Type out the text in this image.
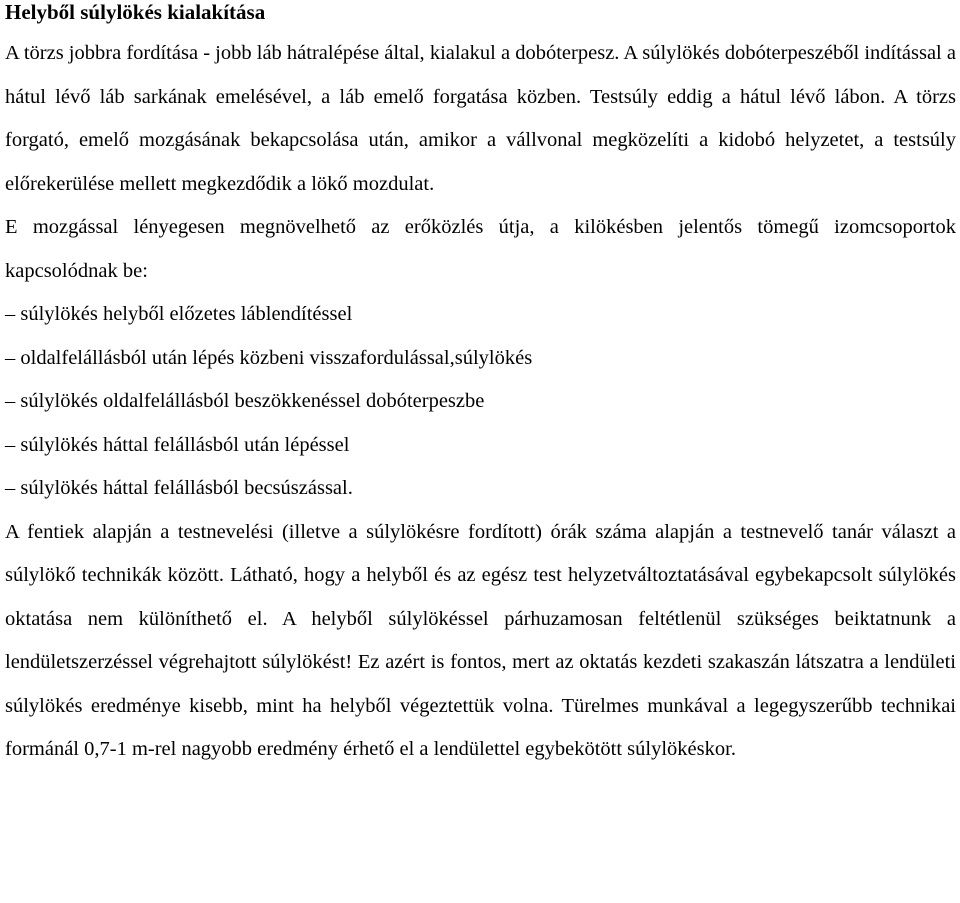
Helyből súlylökés kialakítása

A törzs jobbra fordítása - jobb láb hátralépése által, kialakul a dobóterpesz. A súlylökés dobóterpeszéből indítással a hátul lévő láb sarkának emelésével, a láb emelő forgatása közben. Testsúly eddig a hátul lévő lábon. A törzs forgató, emelő mozgásának bekapcsolása után, amikor a vállvonal megközelíti a kidobó helyzetet, a testsúly előrekerülése mellett megkezdődik a lökő mozdulat.

E mozgással lényegesen megnövelhető az erőközlés útja, a kilökésben jelentős tömegű izomcsoportok kapcsolódnak be:

– súlylökés helyből előzetes láblendítéssel
– oldalfelállásból után lépés közbeni visszafordulással,súlylökés
– súlylökés oldalfelállásból beszökkenéssel dobóterpeszbe
– súlylökés háttal felállásból után lépéssel
– súlylökés háttal felállásból becsúszással.

A fentiek alapján a testnevelési (illetve a súlylökésre fordított) órák száma alapján a testnevelő tanár választ a súlylökő technikák között. Látható, hogy a helyből és az egész test helyzetváltoztatásával egybekapcsolt súlylökés oktatása nem különíthető el. A helyből súlylökéssel párhuzamosan feltétlenül szükséges beiktatnunk a lendületszerzéssel végrehajtott súlylökést! Ez azért is fontos, mert az oktatás kezdeti szakaszán látszatra a lendületi súlylökés eredménye kisebb, mint ha helyből végeztettük volna. Türelmes munkával a legegyszerűbb technikai formánál 0,7-1 m-rel nagyobb eredmény érhető el a lendülettel egybekötött súlylökéskor.
